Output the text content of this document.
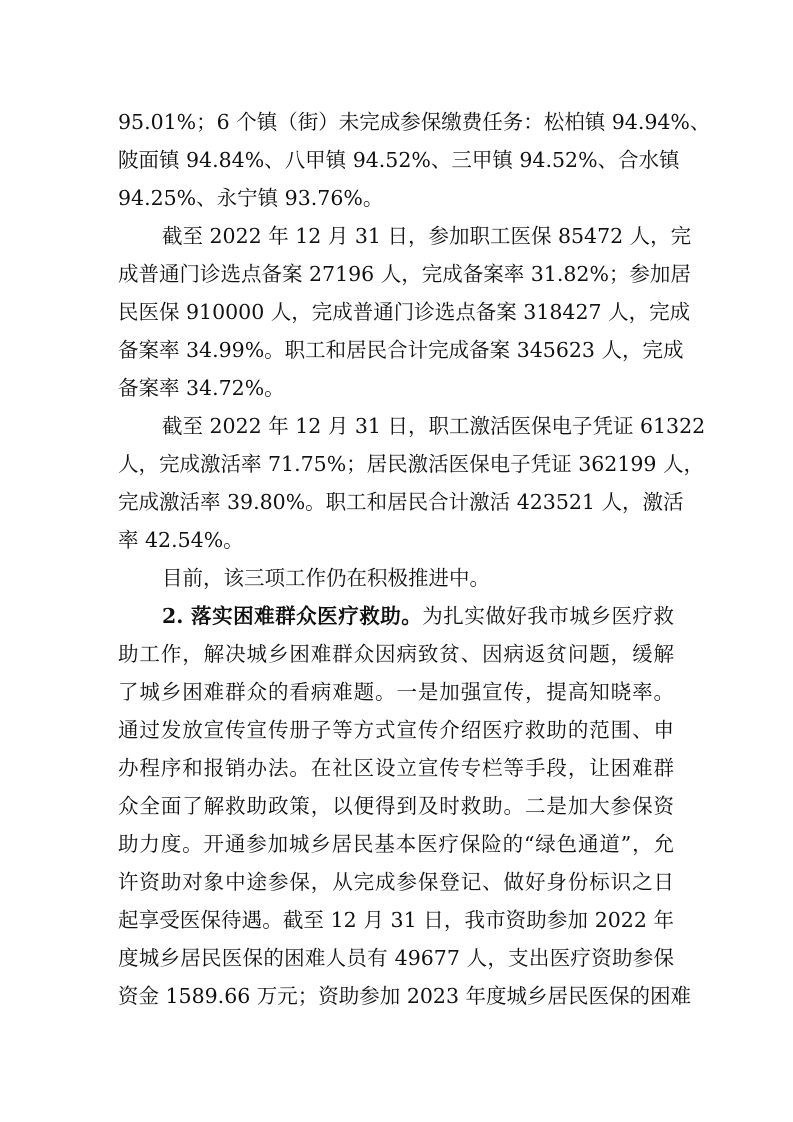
95.01%；6 个镇（街）未完成参保缴费任务：松柏镇 94.94%、
陂面镇 94.84%、八甲镇 94.52%、三甲镇 94.52%、合水镇
94.25%、永宁镇 93.76%。
截至 2022 年 12 月 31 日，参加职工医保 85472 人，完
成普通门诊选点备案 27196 人，完成备案率 31.82%；参加居
民医保 910000 人，完成普通门诊选点备案 318427 人，完成
备案率 34.99%。职工和居民合计完成备案 345623 人，完成
备案率 34.72%。
截至 2022 年 12 月 31 日，职工激活医保电子凭证 61322
人，完成激活率 71.75%；居民激活医保电子凭证 362199 人，
完成激活率 39.80%。职工和居民合计激活 423521 人，激活
率 42.54%。
目前，该三项工作仍在积极推进中。
2. 落实困难群众医疗救助。为扎实做好我市城乡医疗救
助工作，解决城乡困难群众因病致贫、因病返贫问题，缓解
了城乡困难群众的看病难题。一是加强宣传，提高知晓率。
通过发放宣传宣传册子等方式宣传介绍医疗救助的范围、申
办程序和报销办法。在社区设立宣传专栏等手段，让困难群
众全面了解救助政策，以便得到及时救助。二是加大参保资
助力度。开通参加城乡居民基本医疗保险的“绿色通道”，允
许资助对象中途参保，从完成参保登记、做好身份标识之日
起享受医保待遇。截至 12 月 31 日，我市资助参加 2022 年
度城乡居民医保的困难人员有 49677 人，支出医疗资助参保
资金 1589.66 万元；资助参加 2023 年度城乡居民医保的困难
